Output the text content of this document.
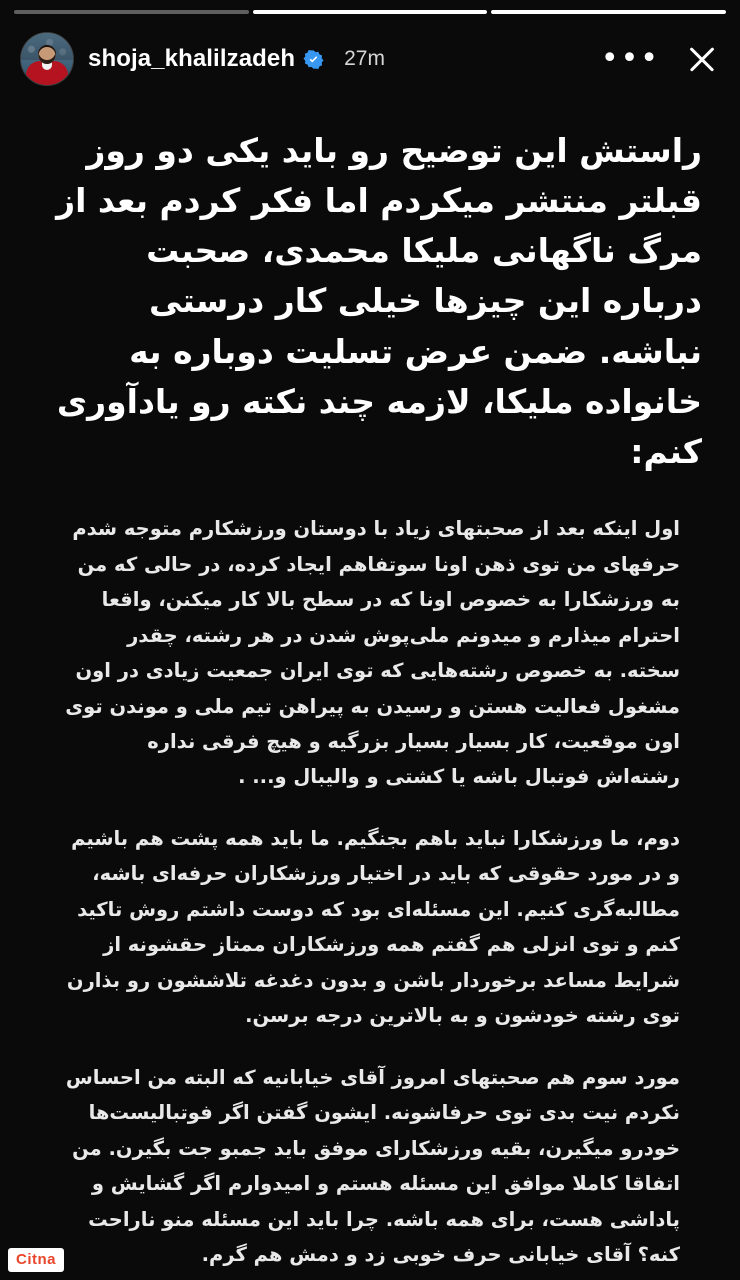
shoja_khalilzadeh 27m	•••
راستش این توضیح رو باید یکی دو روز قبلتر منتشر میکردم اما فکر کردم بعد از مرگ ناگهانی ملیکا محمدی، صحبت درباره این چیزها خیلی کار درستی نباشه. ضمن عرض تسلیت دوباره به خانواده ملیکا، لازمه چند نکته رو یادآوری کنم:
اول اینکه بعد از صحبتهای زیاد با دوستان ورزشکارم متوجه شدم حرفهای من توی ذهن اونا سوتفاهم ایجاد کرده، در حالی که من به ورزشکارا به خصوص اونا که در سطح بالا کار میکنن، واقعا احترام میذارم و میدونم ملی‌پوش شدن در هر رشته، چقدر سخته. به خصوص رشته‌هایی که توی ایران جمعیت زیادی در اون مشغول فعالیت هستن و رسیدن به پیراهن تیم ملی و موندن توی اون موقعیت، کار بسیار بسیار بزرگیه و هیچ فرقی نداره رشته‌اش فوتبال باشه یا کشتی و والیبال و... .
دوم، ما ورزشکارا نباید باهم بجنگیم. ما باید همه پشت هم باشیم و در مورد حقوقی که باید در اختیار ورزشکاران حرفه‌ای باشه، مطالبه‌گری کنیم. این مسئله‌ای بود که دوست داشتم روش تاکید کنم و توی انزلی هم گفتم همه ورزشکاران ممتاز حقشونه از شرایط مساعد برخوردار باشن و بدون دغدغه تلاششون رو بذارن توی رشته خودشون و به بالاترین درجه برسن.
مورد سوم هم صحبتهای امروز آقای خیابانیه که البته من احساس نکردم نیت بدی توی حرفاشونه. ایشون گفتن اگر فوتبالیست‌ها خودرو میگیرن، بقیه ورزشکارای موفق باید جمبو جت بگیرن. من اتفاقا کاملا موافق این مسئله هستم و امیدوارم اگر گشایش و پاداشی هست، برای همه باشه. چرا باید این مسئله منو ناراحت کنه؟ آقای خیابانی حرف خوبی زد و دمش هم گرم.

Citna
